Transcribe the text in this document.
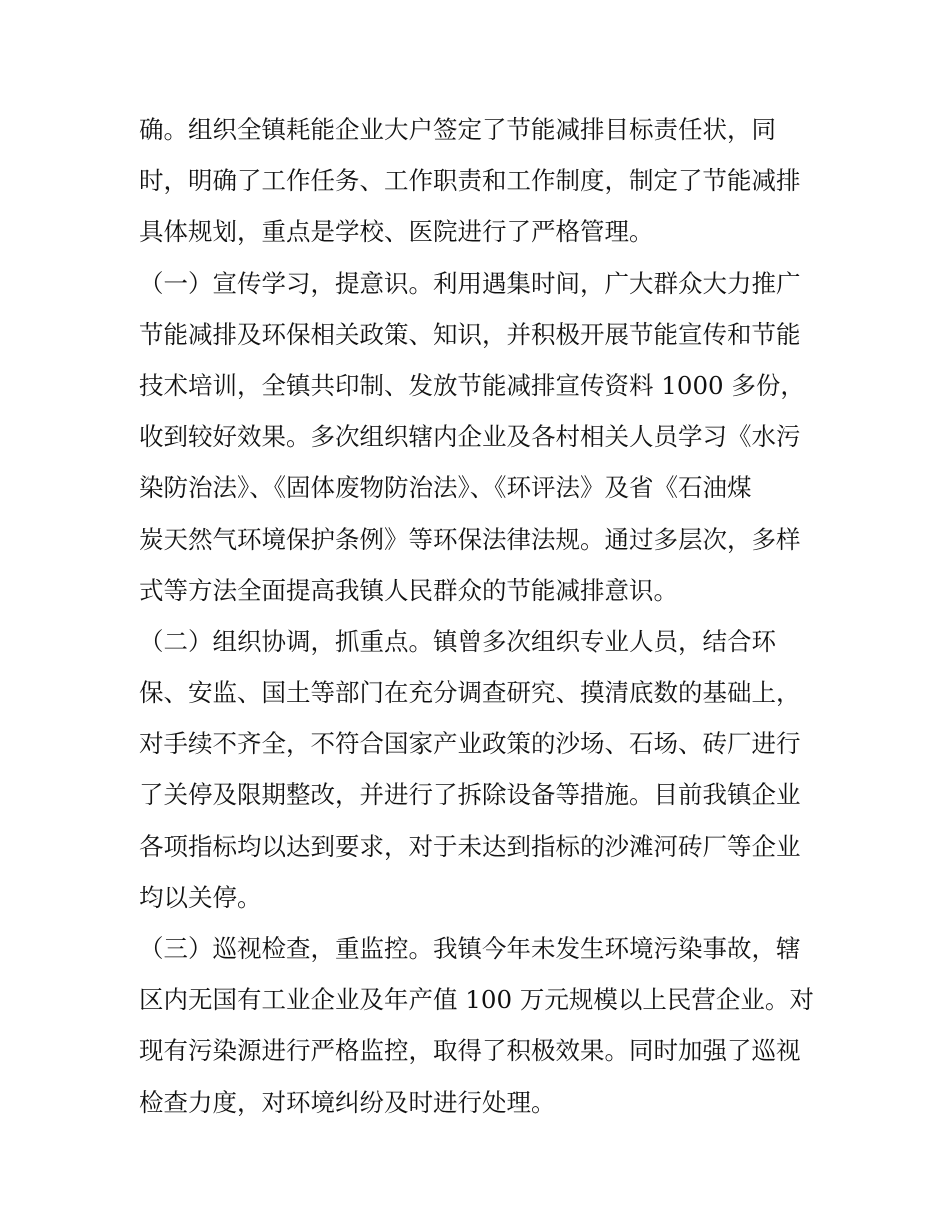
确。组织全镇耗能企业大户签定了节能减排目标责任状，同
时，明确了工作任务、工作职责和工作制度，制定了节能减排
具体规划，重点是学校、医院进行了严格管理。
（一）宣传学习，提意识。利用遇集时间，广大群众大力推广
节能减排及环保相关政策、知识，并积极开展节能宣传和节能
技术培训，全镇共印制、发放节能减排宣传资料 1000 多份，
收到较好效果。多次组织辖内企业及各村相关人员学习《水污
染防治法》、《固体废物防治法》、《环评法》及省《石油煤
炭天然气环境保护条例》等环保法律法规。通过多层次，多样
式等方法全面提高我镇人民群众的节能减排意识。
（二）组织协调，抓重点。镇曾多次组织专业人员，结合环
保、安监、国土等部门在充分调查研究、摸清底数的基础上，
对手续不齐全，不符合国家产业政策的沙场、石场、砖厂进行
了关停及限期整改，并进行了拆除设备等措施。目前我镇企业
各项指标均以达到要求，对于未达到指标的沙滩河砖厂等企业
均以关停。
（三）巡视检查，重监控。我镇今年未发生环境污染事故，辖
区内无国有工业企业及年产值 100 万元规模以上民营企业。对
现有污染源进行严格监控，取得了积极效果。同时加强了巡视
检查力度，对环境纠纷及时进行处理。
